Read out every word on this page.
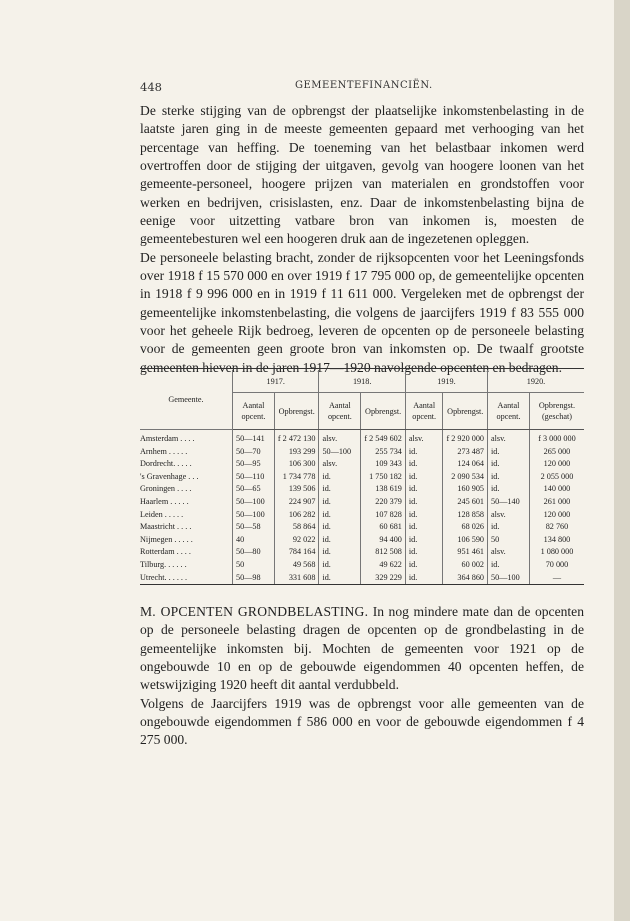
448	GEMEENTEFINANCIËN.

De sterke stijging van de opbrengst der plaatselijke inkomstenbelasting in de laatste jaren ging in de meeste gemeenten gepaard met verhooging van het percentage van heffing. De toeneming van het belastbaar inkomen werd overtroffen door de stijging der uitgaven, gevolg van hoogere loonen van het gemeente-personeel, hoogere prijzen van materialen en grondstoffen voor werken en bedrijven, crisislasten, enz. Daar de inkomstenbelasting bijna de eenige voor uitzetting vatbare bron van inkomen is, moesten de gemeentebesturen wel een hoogeren druk aan de ingezetenen opleggen.

De personeele belasting bracht, zonder de rijksopcenten voor het Leeningsfonds over 1918 f 15 570 000 en over 1919 f 17 795 000 op, de gemeentelijke opcenten in 1918 f 9 996 000 en in 1919 f 11 611 000. Vergeleken met de opbrengst der gemeentelijke inkomstenbelasting, die volgens de jaarcijfers 1919 f 83 555 000 voor het geheele Rijk bedroeg, leveren de opcenten op de personeele belasting voor de gemeenten geen groote bron van inkomsten op. De twaalf grootste gemeenten hieven in de jaren 1917—1920 navolgende opcenten en bedragen.

Gemeente.	1917.		1918.		1919.		1920.	
	Aantal opcent.	Opbrengst.	Aantal opcent.	Opbrengst.	Aantal opcent.	Opbrengst.	Aantal opcent.	Opbrengst. (geschat)
Amsterdam . . . .	50—141	f 2 472 130	alsv.	f 2 549 602	alsv.	f 2 920 000	alsv.	f 3 000 000
Arnhem . . . . .	50—70	193 299	50—100	255 734	id.	273 487	id.	265 000
Dordrecht. . . . .	50—95	106 300	alsv.	109 343	id.	124 064	id.	120 000
's Gravenhage . . .	50—110	1 734 778	id.	1 750 182	id.	2 090 534	id.	2 055 000
Groningen . . . .	50—65	139 506	id.	138 619	id.	160 905	id.	140 000
Haarlem . . . . .	50—100	224 907	id.	220 379	id.	245 601	50—140	261 000
Leiden . . . . .	50—100	106 282	id.	107 828	id.	128 858	alsv.	120 000
Maastricht . . . .	50—58	58 864	id.	60 681	id.	68 026	id.	82 760
Nijmegen . . . . .	40	92 022	id.	94 400	id.	106 590	50	134 800
Rotterdam . . . .	50—80	784 164	id.	812 508	id.	951 461	alsv.	1 080 000
Tilburg. . . . . .	50	49 568	id.	49 622	id.	60 002	id.	70 000
Utrecht. . . . . .	50—98	331 608	id.	329 229	id.	364 860	50—100	—

M. OPCENTEN GRONDBELASTING. In nog mindere mate dan de opcenten op de personeele belasting dragen de opcenten op de grondbelasting in de gemeentelijke inkomsten bij. Mochten de gemeenten voor 1921 op de ongebouwde 10 en op de gebouwde eigendommen 40 opcenten heffen, de wetswijziging 1920 heeft dit aantal verdubbeld.

Volgens de Jaarcijfers 1919 was de opbrengst voor alle gemeenten van de ongebouwde eigendommen f 586 000 en voor de gebouwde eigendommen f 4 275 000.
